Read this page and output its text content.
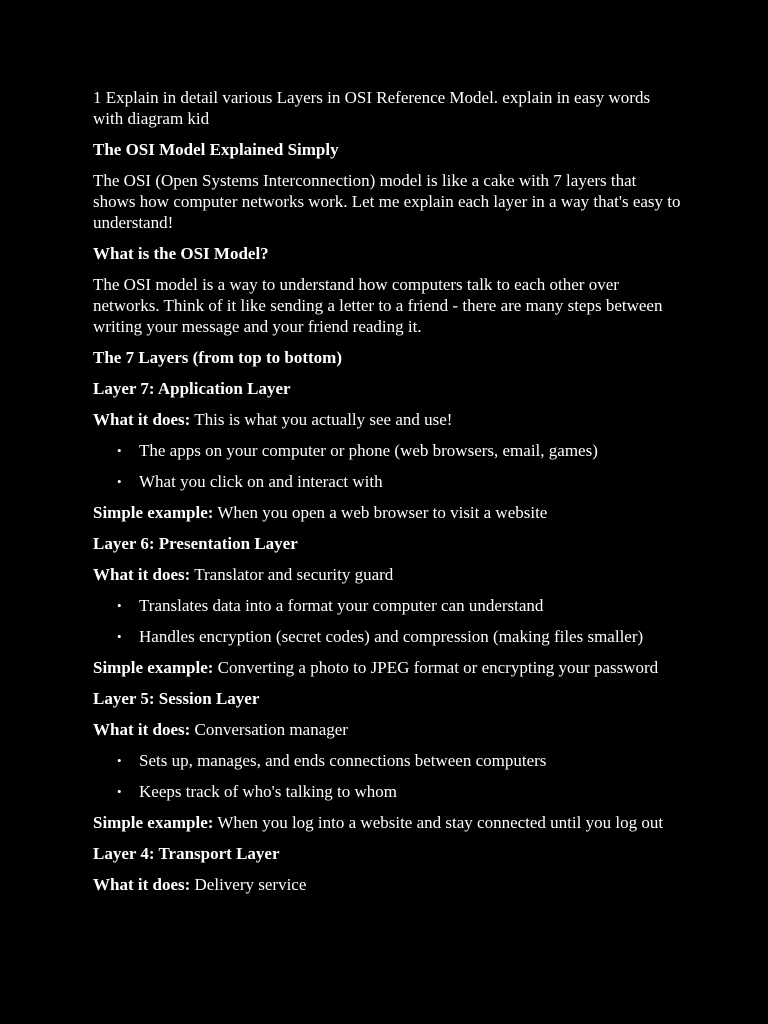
1 Explain in detail various Layers in OSI Reference Model. explain in easy words with diagram kid

The OSI Model Explained Simply

The OSI (Open Systems Interconnection) model is like a cake with 7 layers that shows how computer networks work. Let me explain each layer in a way that's easy to understand!

What is the OSI Model?

The OSI model is a way to understand how computers talk to each other over networks. Think of it like sending a letter to a friend - there are many steps between writing your message and your friend reading it.

The 7 Layers (from top to bottom)

Layer 7: Application Layer

What it does: This is what you actually see and use!

• The apps on your computer or phone (web browsers, email, games)
• What you click on and interact with

Simple example: When you open a web browser to visit a website

Layer 6: Presentation Layer

What it does: Translator and security guard

• Translates data into a format your computer can understand
• Handles encryption (secret codes) and compression (making files smaller)

Simple example: Converting a photo to JPEG format or encrypting your password

Layer 5: Session Layer

What it does: Conversation manager

• Sets up, manages, and ends connections between computers
• Keeps track of who's talking to whom

Simple example: When you log into a website and stay connected until you log out

Layer 4: Transport Layer

What it does: Delivery service
